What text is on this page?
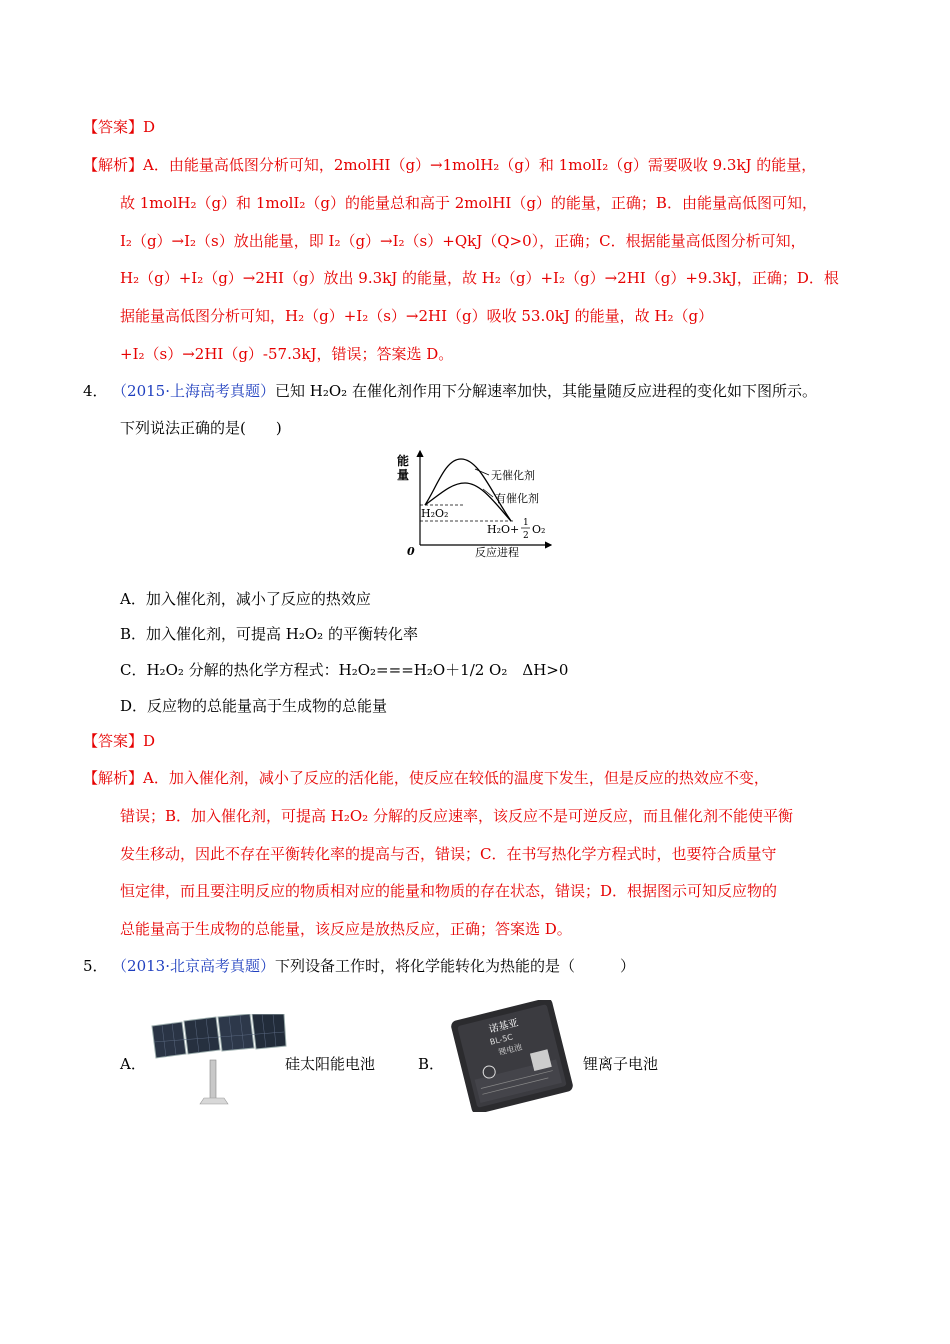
【答案】D
【解析】A．由能量高低图分析可知，2molHI（g）→1molH₂（g）和 1molI₂（g）需要吸收 9.3kJ 的能量，
故 1molH₂（g）和 1molI₂（g）的能量总和高于 2molHI（g）的能量，正确；B．由能量高低图可知，
I₂（g）→I₂（s）放出能量，即 I₂（g）→I₂（s）+QkJ（Q>0），正确；C．根据能量高低图分析可知，
H₂（g）+I₂（g）→2HI（g）放出 9.3kJ 的能量，故 H₂（g）+I₂（g）→2HI（g）+9.3kJ，正确；D．根
据能量高低图分析可知，H₂（g）+I₂（s）→2HI（g）吸收 53.0kJ 的能量，故 H₂（g）
+I₂（s）→2HI（g）-57.3kJ，错误；答案选 D。
4． （2015·上海高考真题）已知 H₂O₂ 在催化剂作用下分解速率加快，其能量随反应进程的变化如下图所示。
下列说法正确的是(　　)
能
量
0	反应进程
无催化剂
有催化剂
H₂O₂
H₂O+ 1
2 O₂
A．加入催化剂，减小了反应的热效应
B．加入催化剂，可提高 H₂O₂ 的平衡转化率
C．H₂O₂ 分解的热化学方程式：H₂O₂===H₂O＋1/2 O₂　ΔH>0
D．反应物的总能量高于生成物的总能量
【答案】D
【解析】A．加入催化剂，减小了反应的活化能，使反应在较低的温度下发生，但是反应的热效应不变，
错误；B．加入催化剂，可提高 H₂O₂ 分解的反应速率，该反应不是可逆反应，而且催化剂不能使平衡
发生移动，因此不存在平衡转化率的提高与否，错误；C．在书写热化学方程式时，也要符合质量守
恒定律，而且要注明反应的物质相对应的能量和物质的存在状态，错误；D．根据图示可知反应物的
总能量高于生成物的总能量，该反应是放热反应，正确；答案选 D。
5． （2013·北京高考真题）下列设备工作时，将化学能转化为热能的是（　　　）
A．	硅太阳能电池	B．
诺基亚
BL-5C
锂电池
锂离子电池
